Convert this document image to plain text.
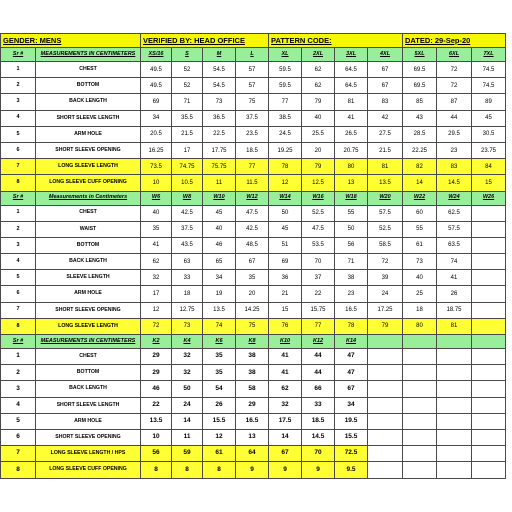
GENDER: MENS		VERIFIED BY: HEAD OFFICE				PATTERN CODE:				DATED: 29-Sep-20		
Sr #	MEASUREMENTS IN CENTIMETERS	XS/16	S	M	L	XL	2XL	3XL	4XL	5XL	6XL	7XL
1	CHEST	49.5	52	54.5	57	59.5	62	64.5	67	69.5	72	74.5
2	BOTTOM	49.5	52	54.5	57	59.5	62	64.5	67	69.5	72	74.5
3	BACK LENGTH	69	71	73	75	77	79	81	83	85	87	89
4	SHORT SLEEVE LENGTH	34	35.5	36.5	37.5	38.5	40	41	42	43	44	45
5	ARM HOLE	20.5	21.5	22.5	23.5	24.5	25.5	26.5	27.5	28.5	29.5	30.5
6	SHORT SLEEVE OPENING	16.25	17	17.75	18.5	19.25	20	20.75	21.5	22.25	23	23.75
7	LONG SLEEVE LENGTH	73.5	74.75	75.75	77	78	79	80	81	82	83	84
8	LONG SLEEVE CUFF OPENING	10	10.5	11	11.5	12	12.5	13	13.5	14	14.5	15
Sr #	Measurements in Centimeters	W6	W8	W10	W12	W14	W16	W18	W20	W22	W24	W26
1	CHEST	40	42.5	45	47.5	50	52.5	55	57.5	60	62.5	
2	WAIST	35	37.5	40	42.5	45	47.5	50	52.5	55	57.5	
3	BOTTOM	41	43.5	46	48.5	51	53.5	56	58.5	61	63.5	
4	BACK LENGTH	62	63	65	67	69	70	71	72	73	74	
5	SLEEVE LENGTH	32	33	34	35	36	37	38	39	40	41	
6	ARM HOLE	17	18	19	20	21	22	23	24	25	26	
7	SHORT SLEEVE OPENING	12	12.75	13.5	14.25	15	15.75	16.5	17.25	18	18.75	
8	LONG SLEEVE LENGTH	72	73	74	75	76	77	78	79	80	81	
Sr #	MEASUREMENTS IN CENTIMETERS	K2	K4	K6	K8	K10	K12	K14				
1	CHEST	29	32	35	38	41	44	47				
2	BOTTOM	29	32	35	38	41	44	47				
3	BACK LENGTH	46	50	54	58	62	66	67				
4	SHORT SLEEVE LENGTH	22	24	26	29	32	33	34				
5	ARM HOLE	13.5	14	15.5	16.5	17.5	18.5	19.5				
6	SHORT SLEEVE OPENING	10	11	12	13	14	14.5	15.5				
7	LONG SLEEVE LENGTH / HPS	56	59	61	64	67	70	72.5				
8	LONG SLEEVE CUFF OPENING	8	8	8	9	9	9	9.5				
